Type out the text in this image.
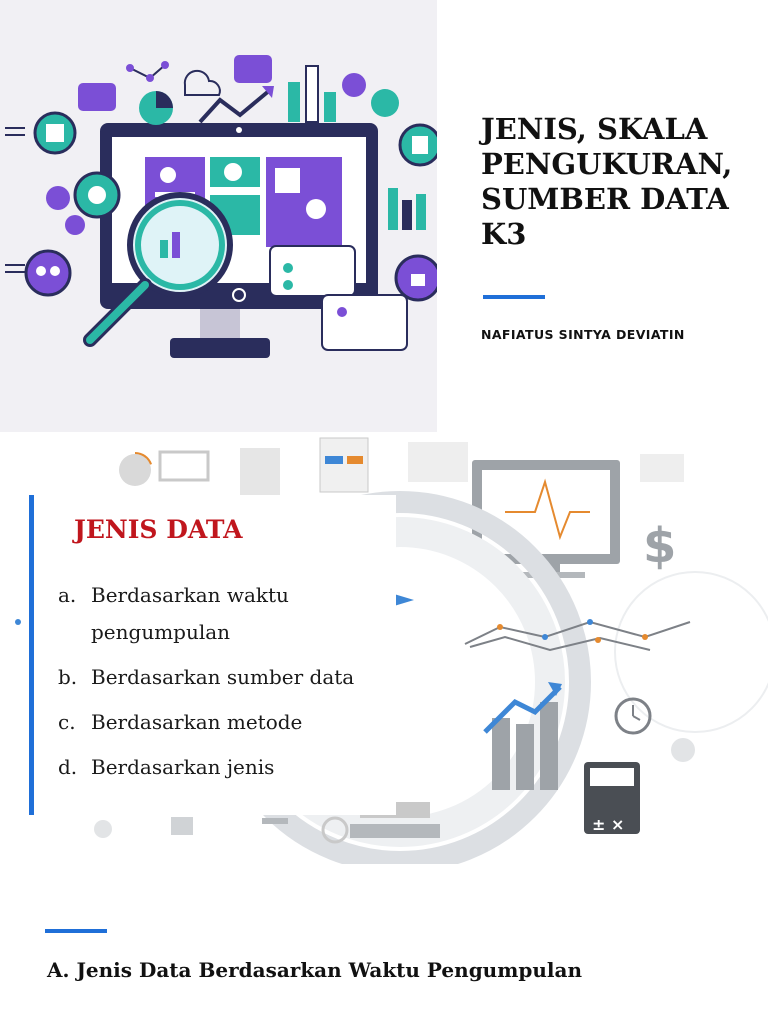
JENIS, SKALA
PENGUKURAN,
SUMBER DATA
K3
NAFIATUS SINTYA DEVIATIN
$
± ×
JENIS DATA
a. Berdasarkan waktu pengumpulan
b. Berdasarkan sumber data
c. Berdasarkan metode
d. Berdasarkan jenis
A. Jenis Data Berdasarkan Waktu Pengumpulan
